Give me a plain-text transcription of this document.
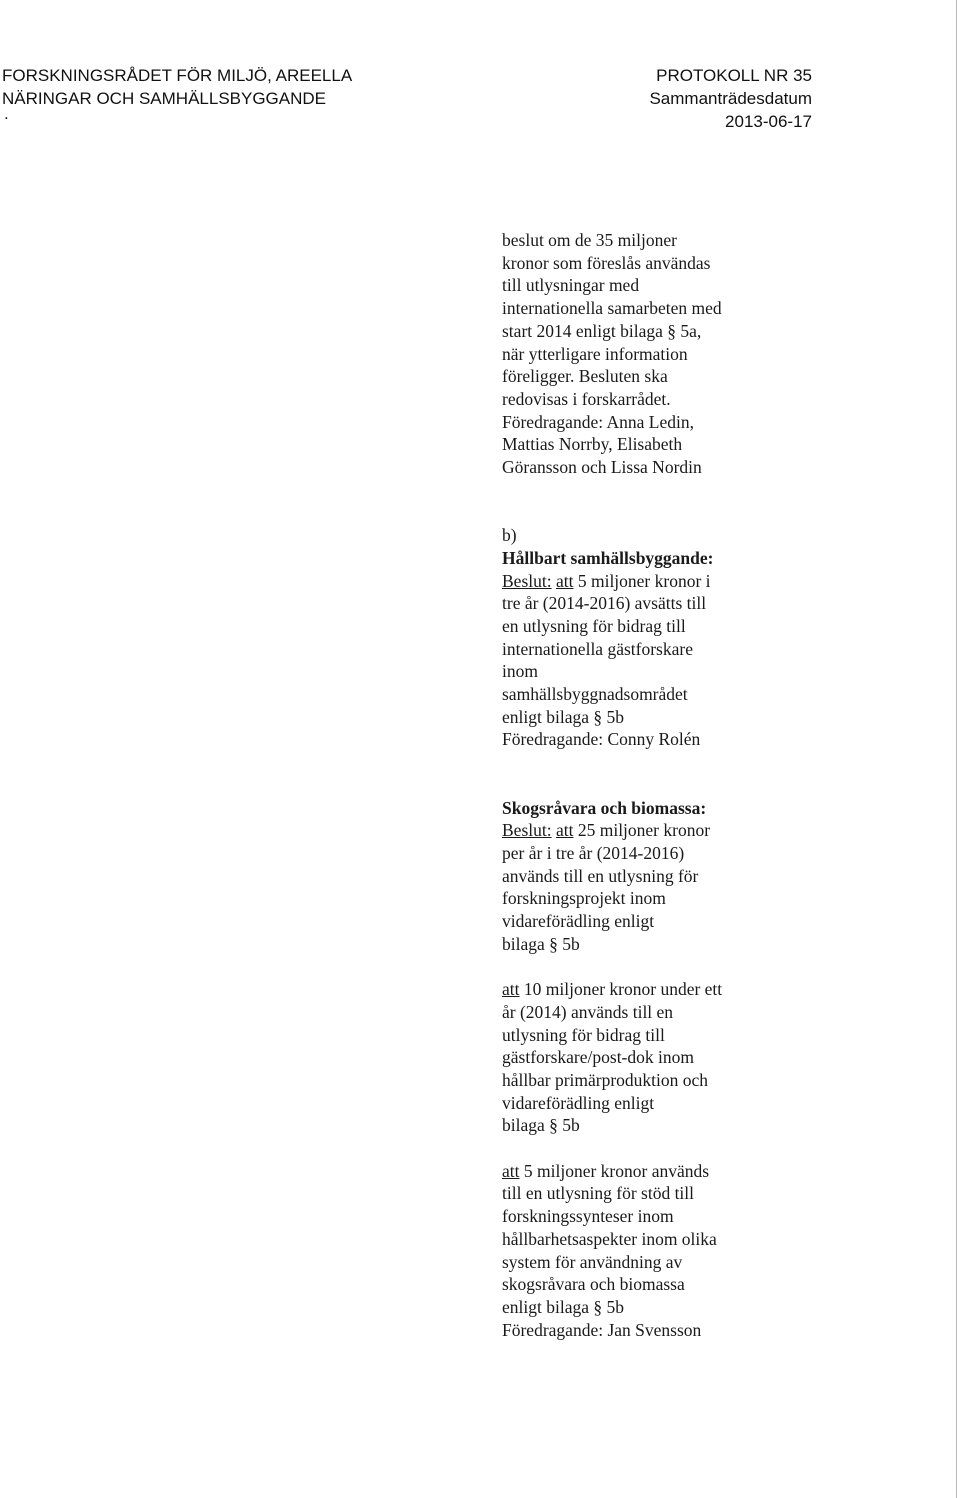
FORSKNINGSRÅDET FÖR MILJÖ, AREELLA
NÄRINGAR OCH SAMHÄLLSBYGGANDE
.
PROTOKOLL NR 35
Sammanträdesdatum
2013-06-17

beslut om de 35 miljoner

kronor som föreslås användas

till utlysningar med

internationella samarbeten med

start 2014 enligt bilaga § 5a,

när ytterligare information

föreligger. Besluten ska

redovisas i forskarrådet.

Föredragande: Anna Ledin,

Mattias Norrby, Elisabeth

Göransson och Lissa Nordin

b)

Hållbart samhällsbyggande:

Beslut: att 5 miljoner kronor i

tre år (2014-2016) avsätts till

en utlysning för bidrag till

internationella gästforskare

inom

samhällsbyggnadsområdet

enligt bilaga § 5b

Föredragande: Conny Rolén

Skogsråvara och biomassa:

Beslut: att 25 miljoner kronor

per år i tre år (2014-2016)

används till en utlysning för

forskningsprojekt inom

vidareförädling enligt

bilaga § 5b

att 10 miljoner kronor under ett

år (2014) används till en

utlysning för bidrag till

gästforskare/post-dok inom

hållbar primärproduktion och

vidareförädling enligt

bilaga § 5b

att 5 miljoner kronor används

till en utlysning för stöd till

forskningssynteser inom

hållbarhetsaspekter inom olika

system för användning av

skogsråvara och biomassa

enligt bilaga § 5b

Föredragande: Jan Svensson
